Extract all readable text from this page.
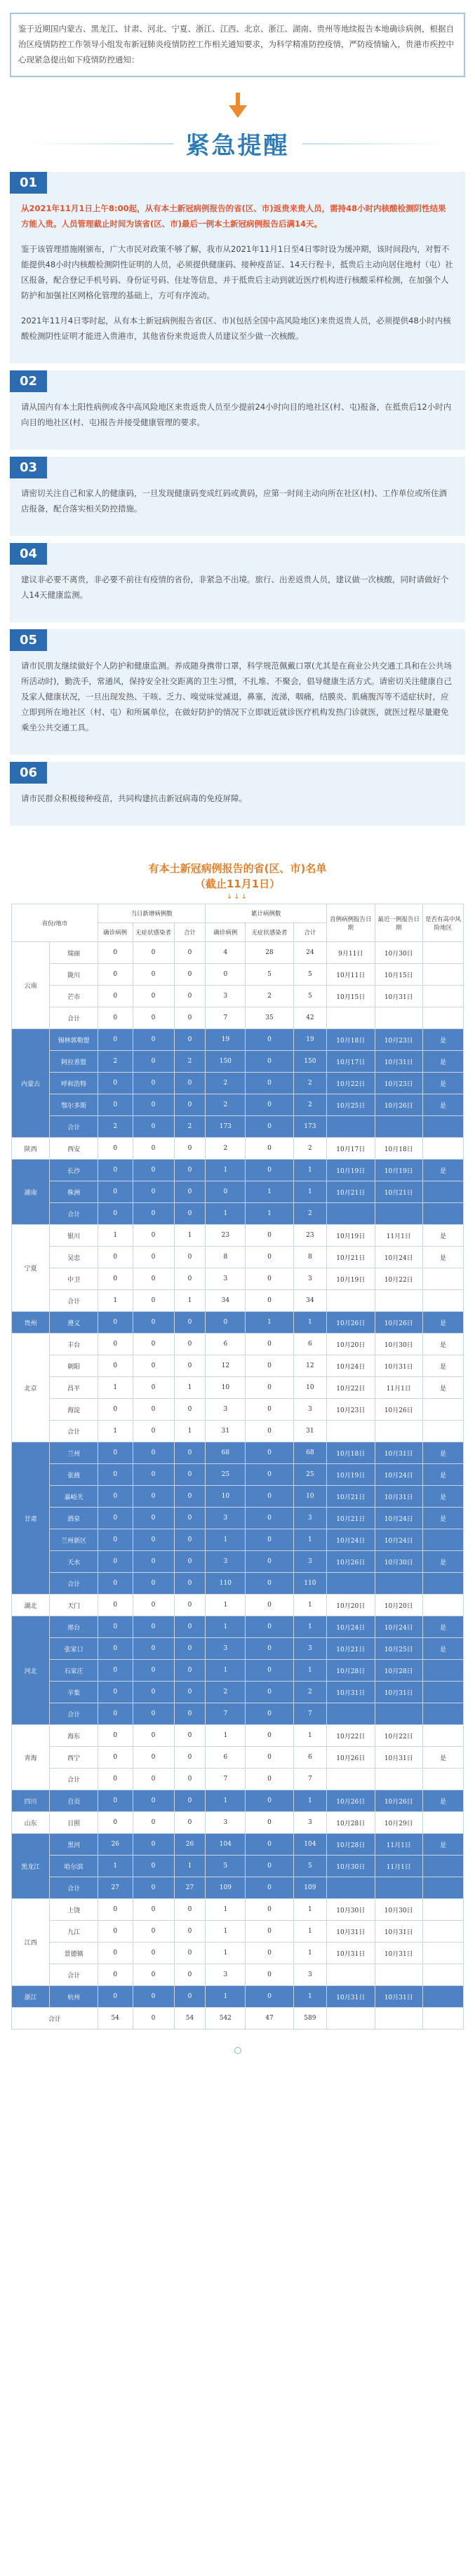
鉴于近期国内蒙古、黑龙江、甘肃、河北、宁夏、浙江、江西、北京、浙江、湖南、贵州等地续报告本地确诊病例，根据自治区疫情防控工作领导小组发布新冠肺炎疫情防控工作相关通知要求，为科学精准防控疫情，严防疫情输入，贵港市疾控中心现紧急提出如下疫情防控通知：

紧急提醒
01

从2021年11月1日上午8:00起，从有本土新冠病例报告的省(区、市)返贵来贵人员，需持48小时内核酸检测阴性结果方能入贵。人员管理截止时间为该省(区、市)最后一例本土新冠病例报告后满14天。

鉴于该管理措施刚颁布，广大市民对政策不够了解，我市从2021年11月1日至4日零时设为缓冲期，该时间段内，对暂不能提供48小时内核酸检测阴性证明的人员，必须提供健康码、接种疫苗证、14天行程卡，抵贵后主动向居住地村（屯）社区报备，配合登记手机号码、身份证号码、住址等信息，并于抵贵后主动到就近医疗机构进行核酸采样检测，在加强个人防护和加强社区网格化管理的基础上，方可有序流动。

2021年11月4日零时起，从有本土新冠病例报告省(区、市)(包括全国中高风险地区)来贵返贵人员，必须提供48小时内核酸检测阴性证明才能进入贵港市，其他省份来贵返贵人员建议至少做一次核酸。

02

请从国内有本土阳性病例或各中高风险地区来贵返贵人员至少提前24小时向目的地社区(村、屯)报备，在抵贵后12小时内向目的地社区(村、屯)报告并接受健康管理的要求。

03

请密切关注自己和家人的健康码，一旦发现健康码变成红码或黄码，应第一时间主动向所在社区(村)、工作单位或所住酒店报备，配合落实相关防控措施。

04

建议非必要不离贵，非必要不前往有疫情的省份，非紧急不出境。旅行、出差返贵人员，建议做一次核酸，同时请做好个人14天健康监测。

05

请市民朋友继续做好个人防护和健康监测。养成随身携带口罩，科学规范佩戴口罩(尤其是在商业公共交通工具和在公共场所活动时)，勤洗手，常通风，保持安全社交距离的卫生习惯，不扎堆、不聚会，倡导健康生活方式。请密切关注健康自己及家人健康状况，一旦出现发热、干咳、乏力、嗅觉味觉减退，鼻塞，流涕，咽痛，结膜炎、肌痛腹泻等不适症状时，应立即到所在地社区（村、屯）和所属单位，在做好防护的情况下立即就近就诊医疗机构发热门诊就医，就医过程尽量避免乘坐公共交通工具。

06

请市民群众积极接种疫苗，共同构建抗击新冠病毒的免疫屏障。

有本土新冠病例报告的省(区、市)名单
（截止11月1日）
↓↓↓
省份/地市		当日新增病例数			累计病例数			首例病例报告日期	最近一例报告日期	是否有高中风险地区
		确诊病例	无症状感染者	合计	确诊病例	无症状感染者	合计			
云南	瑞丽	0	0	0	4	28	24	9月11日	10月30日	
	陇川	0	0	0	0	5	5	10月11日	10月15日	
	芒市	0	0	0	3	2	5	10月15日	10月31日	
	合计	0	0	0	7	35	42			
内蒙古	锡林郭勒盟	0	0	0	19	0	19	10月18日	10月23日	是
	阿拉善盟	2	0	2	150	0	150	10月17日	10月31日	是
	呼和浩特	0	0	0	2	0	2	10月22日	10月23日	是
	鄂尔多斯	0	0	0	2	0	2	10月25日	10月26日	是
	合计	2	0	2	173	0	173			
陕西	西安	0	0	0	2	0	2	10月17日	10月18日	
湖南	长沙	0	0	0	1	0	1	10月19日	10月19日	是
	株洲	0	0	0	0	1	1	10月21日	10月21日	
	合计	0	0	0	1	1	2			
宁夏	银川	1	0	1	23	0	23	10月19日	11月1日	是
	吴忠	0	0	0	8	0	8	10月21日	10月24日	是
	中卫	0	0	0	3	0	3	10月19日	10月22日	
	合计	1	0	1	34	0	34			
贵州	遵义	0	0	0	0	1	1	10月26日	10月26日	是
北京	丰台	0	0	0	6	0	6	10月20日	10月30日	是
	朝阳	0	0	0	12	0	12	10月24日	10月31日	是
	昌平	1	0	1	10	0	10	10月22日	11月1日	是
	海淀	0	0	0	3	0	3	10月23日	10月26日	
	合计	1	0	1	31	0	31			
甘肃	兰州	0	0	0	68	0	68	10月18日	10月31日	是
	张掖	0	0	0	25	0	25	10月19日	10月24日	是
	嘉峪关	0	0	0	10	0	10	10月21日	10月31日	是
	酒泉	0	0	0	3	0	3	10月21日	10月24日	是
	兰州新区	0	0	0	1	0	1	10月24日	10月24日	
	天水	0	0	0	3	0	3	10月26日	10月30日	是
	合计	0	0	0	110	0	110			
湖北	天门	0	0	0	1	0	1	10月20日	10月20日	
河北	邢台	0	0	0	1	0	1	10月24日	10月24日	是
	张家口	0	0	0	3	0	3	10月21日	10月25日	是
	石家庄	0	0	0	1	0	1	10月28日	10月28日	
	辛集	0	0	0	2	0	2	10月31日	10月31日	
	合计	0	0	0	7	0	7			
青海	海东	0	0	0	1	0	1	10月22日	10月22日	
	西宁	0	0	0	6	0	6	10月26日	10月31日	是
	合计	0	0	0	7	0	7			
四川	自贡	0	0	0	1	0	1	10月26日	10月26日	是
山东	日照	0	0	0	3	0	3	10月28日	10月29日	
黑龙江	黑河	26	0	26	104	0	104	10月28日	11月1日	是
	哈尔滨	1	0	1	5	0	5	10月30日	11月1日	
	合计	27	0	27	109	0	109			
江西	上饶	0	0	0	1	0	1	10月30日	10月30日	
	九江	0	0	0	1	0	1	10月31日	10月31日	
	景德镇	0	0	0	1	0	1	10月31日	10月31日	
	合计	0	0	0	3	0	3			
浙江	杭州	0	0	0	1	0	1	10月31日	10月31日	
合计		54	0	54	542	47	589			
